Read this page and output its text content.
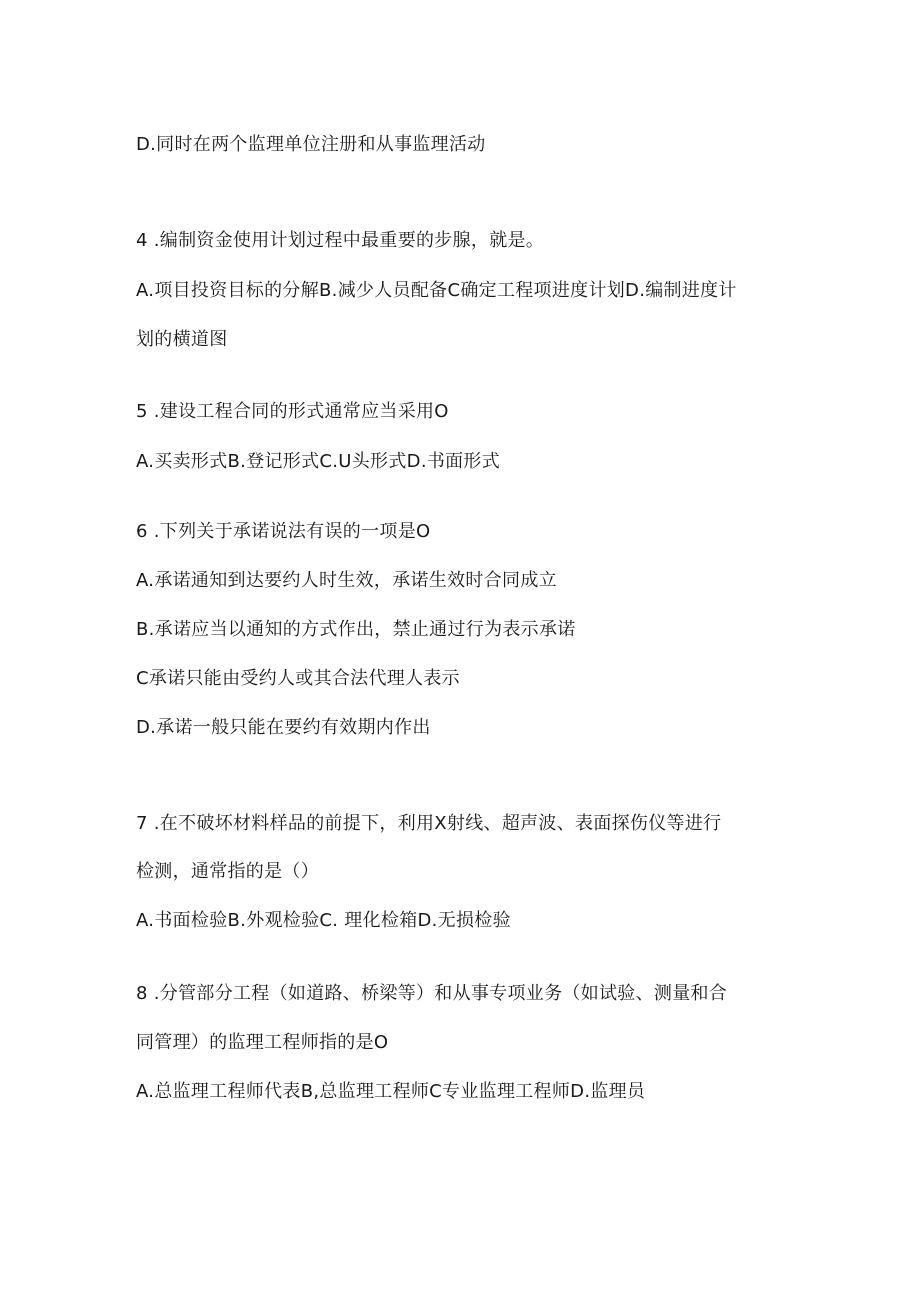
D.同时在两个监理单位注册和从事监理活动
4 .编制资金使用计划过程中最重要的步腺，就是。
A.项目投资目标的分解B.减少人员配备C确定工程项进度计划D.编制进度计
划的横道图
5 .建设工程合同的形式通常应当采用O
A.买卖形式B.登记形式C.U头形式D.书面形式
6 .下列关于承诺说法有误的一项是O
A.承诺通知到达要约人时生效，承诺生效时合同成立
B.承诺应当以通知的方式作出，禁止通过行为表示承诺
C承诺只能由受约人或其合法代理人表示
D.承诺一般只能在要约有效期内作出
7 .在不破坏材料样品的前提下，利用X射线、超声波、表面探伤仪等进行
检测，通常指的是（）
A.书面检验B.外观检验C. 理化检箱D.无损检验
8 .分管部分工程（如道路、桥梁等）和从事专项业务（如试验、测量和合
同管理）的监理工程师指的是O
A.总监理工程师代表B,总监理工程师C专业监理工程师D.监理员
